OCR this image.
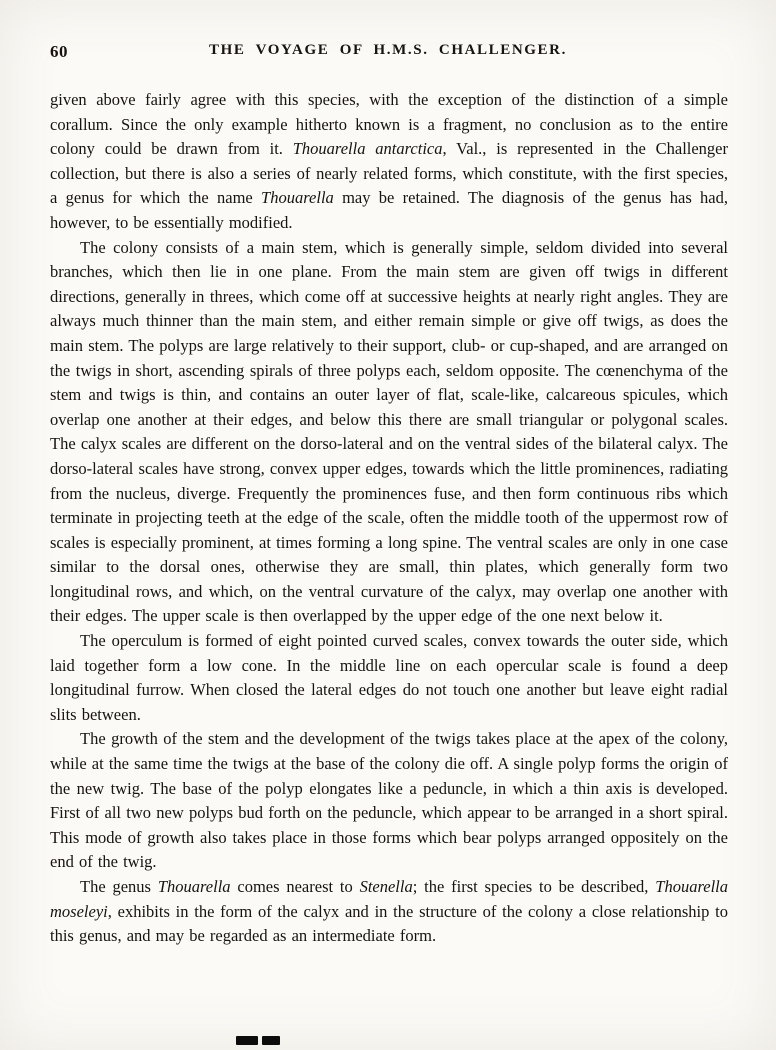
60	THE VOYAGE OF H.M.S. CHALLENGER.

given above fairly agree with this species, with the exception of the distinction of a simple corallum. Since the only example hitherto known is a fragment, no conclusion as to the entire colony could be drawn from it. Thouarella antarctica, Val., is represented in the Challenger collection, but there is also a series of nearly related forms, which constitute, with the first species, a genus for which the name Thouarella may be retained. The diagnosis of the genus has had, however, to be essentially modified.

The colony consists of a main stem, which is generally simple, seldom divided into several branches, which then lie in one plane. From the main stem are given off twigs in different directions, generally in threes, which come off at successive heights at nearly right angles. They are always much thinner than the main stem, and either remain simple or give off twigs, as does the main stem. The polyps are large relatively to their support, club- or cup-shaped, and are arranged on the twigs in short, ascending spirals of three polyps each, seldom opposite. The cœnenchyma of the stem and twigs is thin, and contains an outer layer of flat, scale-like, calcareous spicules, which overlap one another at their edges, and below this there are small triangular or polygonal scales. The calyx scales are different on the dorso-lateral and on the ventral sides of the bilateral calyx. The dorso-lateral scales have strong, convex upper edges, towards which the little prominences, radiating from the nucleus, diverge. Frequently the prominences fuse, and then form continuous ribs which terminate in projecting teeth at the edge of the scale, often the middle tooth of the uppermost row of scales is especially prominent, at times forming a long spine. The ventral scales are only in one case similar to the dorsal ones, otherwise they are small, thin plates, which generally form two longitudinal rows, and which, on the ventral curvature of the calyx, may overlap one another with their edges. The upper scale is then overlapped by the upper edge of the one next below it.

The operculum is formed of eight pointed curved scales, convex towards the outer side, which laid together form a low cone. In the middle line on each opercular scale is found a deep longitudinal furrow. When closed the lateral edges do not touch one another but leave eight radial slits between.

The growth of the stem and the development of the twigs takes place at the apex of the colony, while at the same time the twigs at the base of the colony die off. A single polyp forms the origin of the new twig. The base of the polyp elongates like a peduncle, in which a thin axis is developed. First of all two new polyps bud forth on the peduncle, which appear to be arranged in a short spiral. This mode of growth also takes place in those forms which bear polyps arranged oppositely on the end of the twig.

The genus Thouarella comes nearest to Stenella; the first species to be described, Thouarella moseleyi, exhibits in the form of the calyx and in the structure of the colony a close relationship to this genus, and may be regarded as an intermediate form.
